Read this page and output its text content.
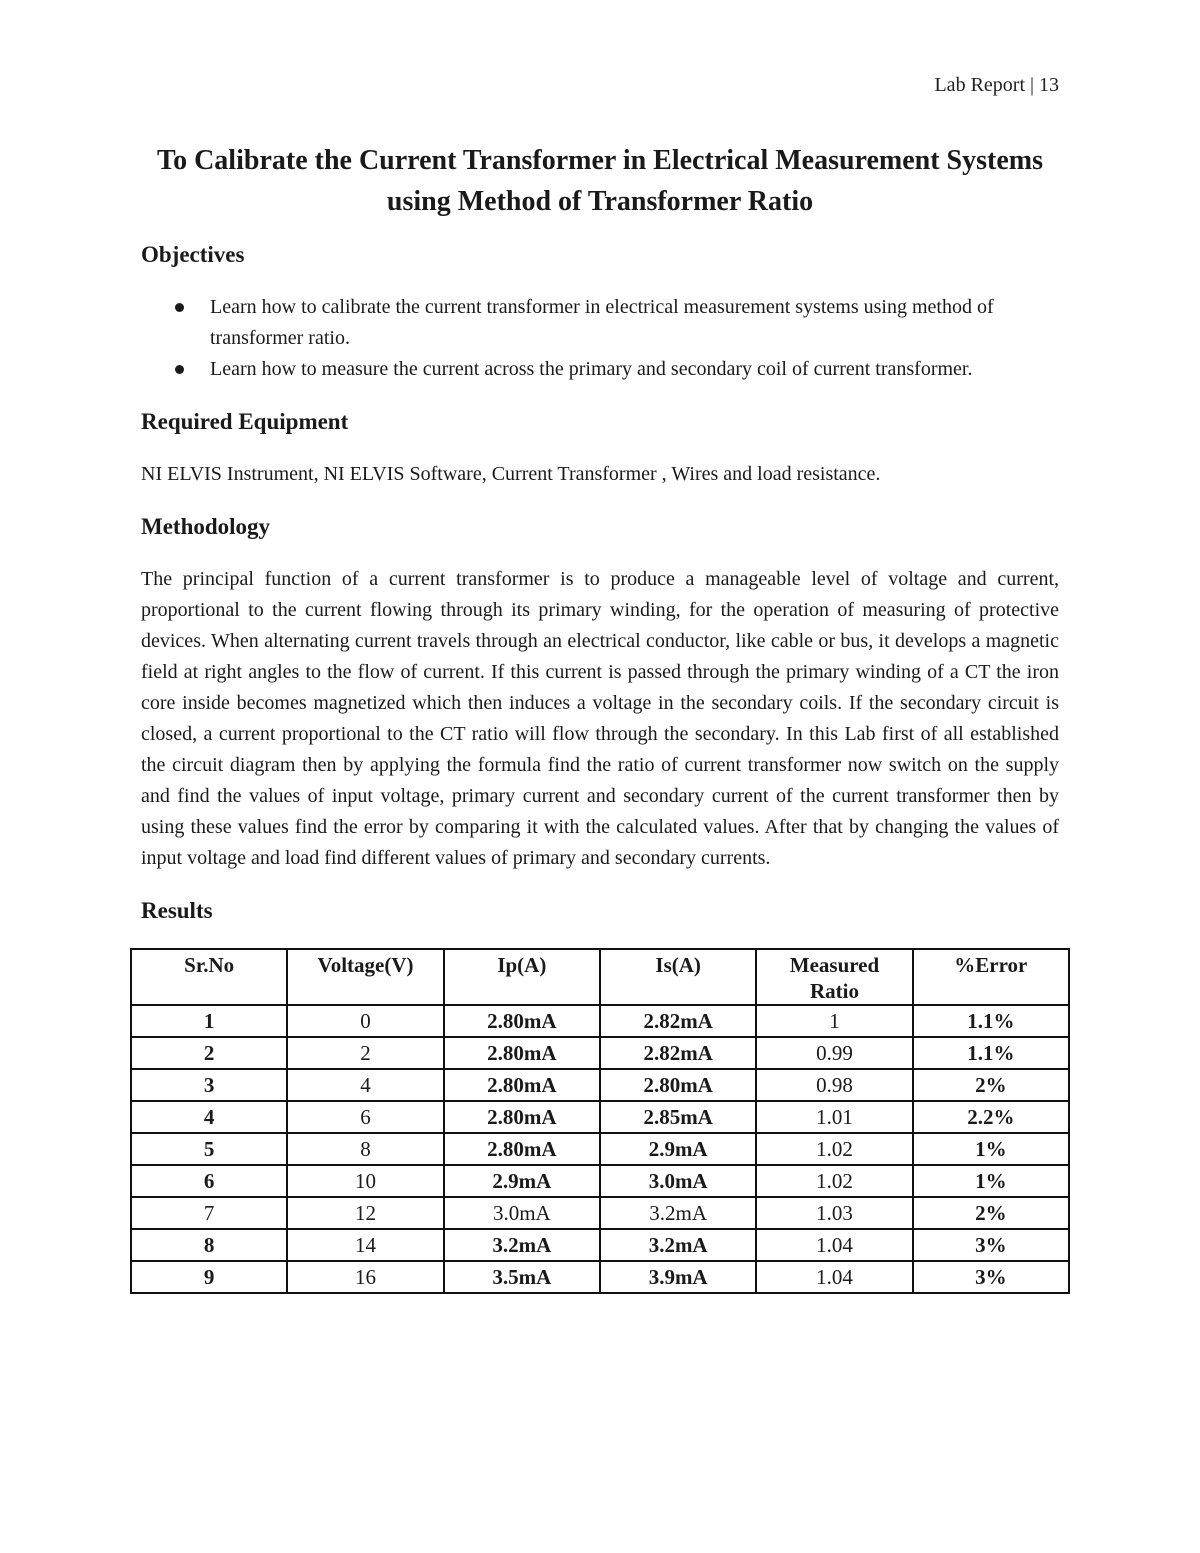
Lab Report | 13
To Calibrate the Current Transformer in Electrical Measurement Systems using Method of Transformer Ratio
Objectives
Learn how to calibrate the current transformer in electrical measurement systems using method of transformer ratio.
Learn how to measure the current across the primary and secondary coil of current transformer.
Required Equipment

NI ELVIS Instrument, NI ELVIS Software, Current Transformer , Wires and load resistance.

Methodology

The principal function of a current transformer is to produce a manageable level of voltage and current, proportional to the current flowing through its primary winding, for the operation of measuring of protective devices. When alternating current travels through an electrical conductor, like cable or bus, it develops a magnetic field at right angles to the flow of current. If this current is passed through the primary winding of a CT the iron core inside becomes magnetized which then induces a voltage in the secondary coils. If the secondary circuit is closed, a current proportional to the CT ratio will flow through the secondary. In this Lab first of all established the circuit diagram then by applying the formula find the ratio of current transformer now switch on the supply and find the values of input voltage, primary current and secondary current of the current transformer then by using these values find the error by comparing it with the calculated values. After that by changing the values of input voltage and load find different values of primary and secondary currents.

Results
Sr.No	Voltage(V)	Ip(A)	Is(A)	Measured Ratio	%Error
1	0	2.80mA	2.82mA	1	1.1%
2	2	2.80mA	2.82mA	0.99	1.1%
3	4	2.80mA	2.80mA	0.98	2%
4	6	2.80mA	2.85mA	1.01	2.2%
5	8	2.80mA	2.9mA	1.02	1%
6	10	2.9mA	3.0mA	1.02	1%
7	12	3.0mA	3.2mA	1.03	2%
8	14	3.2mA	3.2mA	1.04	3%
9	16	3.5mA	3.9mA	1.04	3%
